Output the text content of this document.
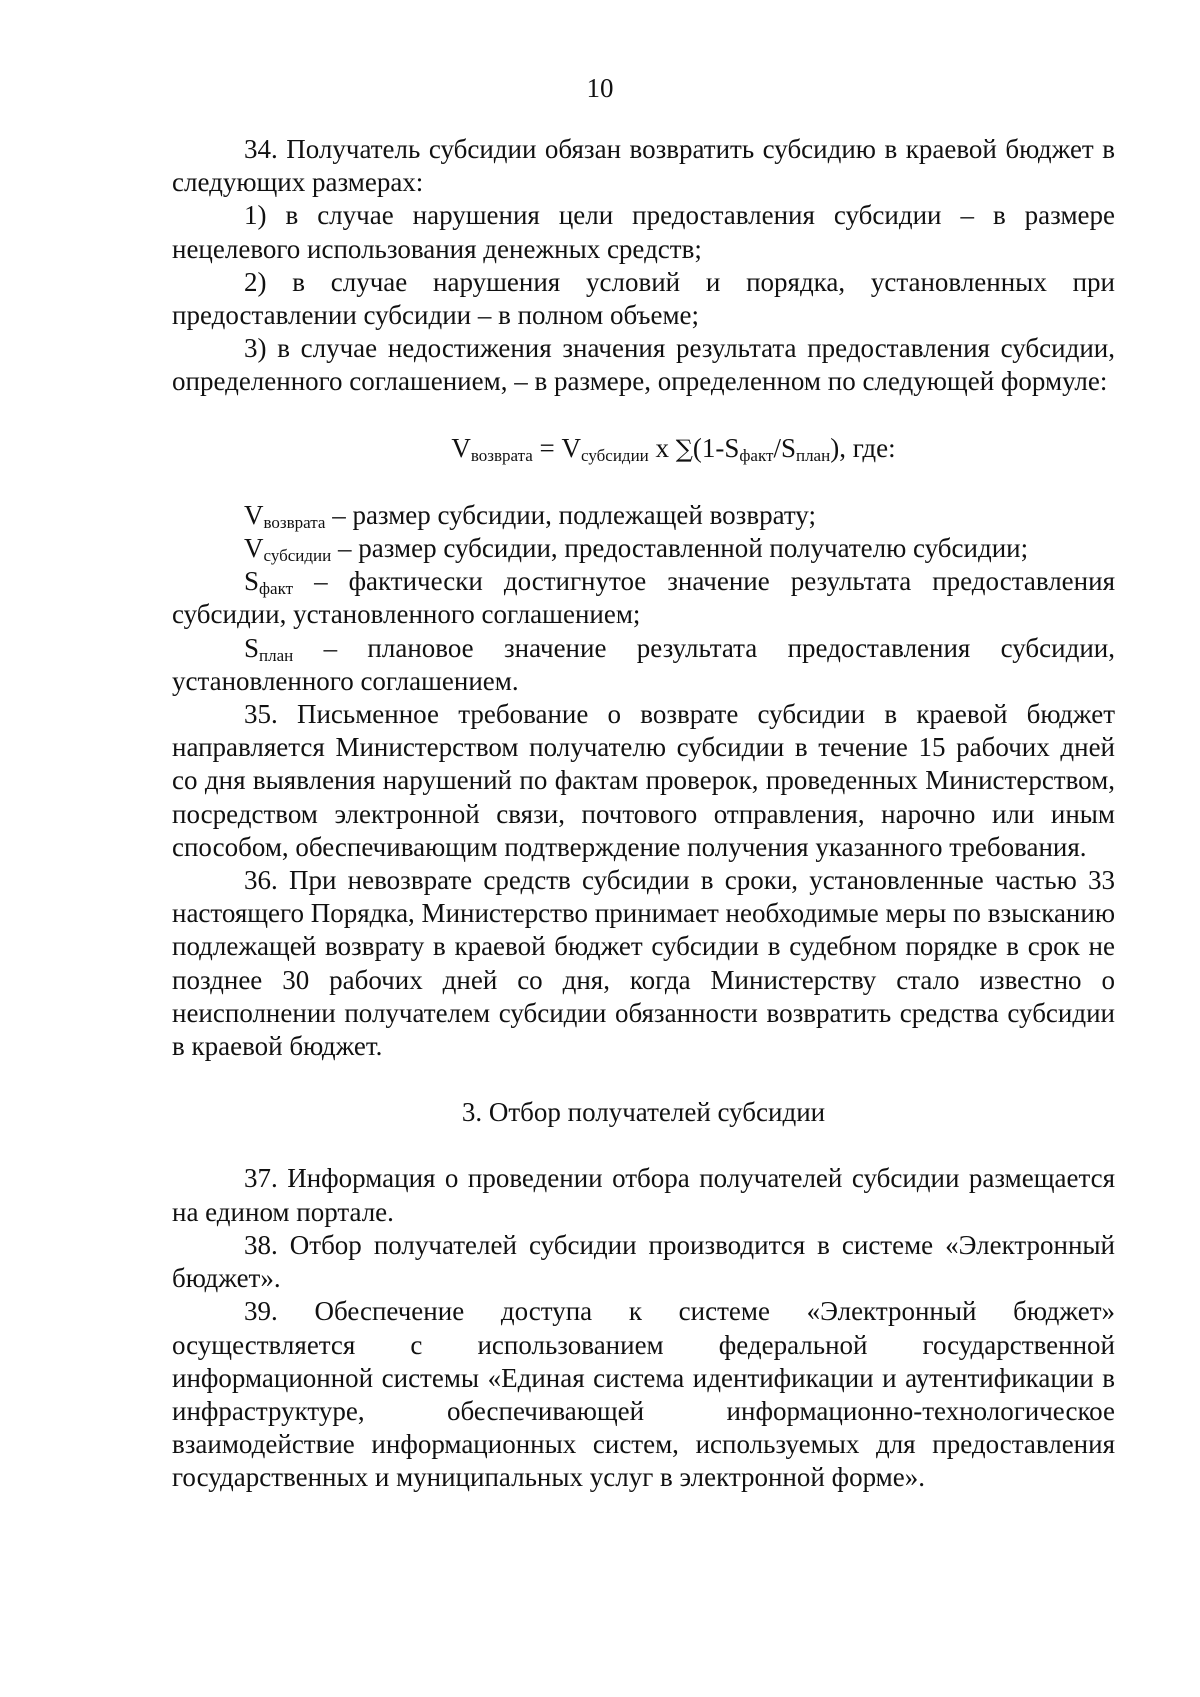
10

34. Получатель субсидии обязан возвратить субсидию в краевой бюджет в следующих размерах:

1) в случае нарушения цели предоставления субсидии – в размере нецелевого использования денежных средств;

2) в случае нарушения условий и порядка, установленных при предоставлении субсидии – в полном объеме;

3) в случае недостижения значения результата предоставления субсидии, определенного соглашением, – в размере, определенном по следующей формуле:

$V_{возврата} = V_{субсидии}$ x $\sum(1-S_{факт}/S_{план})$, где:

$V_{возврата}$ – размер субсидии, подлежащей возврату;

$V_{субсидии}$ – размер субсидии, предоставленной получателю субсидии;

$S_{факт}$ – фактически достигнутое значение результата предоставления субсидии, установленного соглашением;

$S_{план}$ – плановое значение результата предоставления субсидии, установленного соглашением.

35. Письменное требование о возврате субсидии в краевой бюджет направляется Министерством получателю субсидии в течение 15 рабочих дней со дня выявления нарушений по фактам проверок, проведенных Министерством, посредством электронной связи, почтового отправления, нарочно или иным способом, обеспечивающим подтверждение получения указанного требования.

36. При невозврате средств субсидии в сроки, установленные частью 33 настоящего Порядка, Министерство принимает необходимые меры по взысканию подлежащей возврату в краевой бюджет субсидии в судебном порядке в срок не позднее 30 рабочих дней со дня, когда Министерству стало известно о неисполнении получателем субсидии обязанности возвратить средства субсидии в краевой бюджет.

3. Отбор получателей субсидии

37. Информация о проведении отбора получателей субсидии размещается на едином портале.

38. Отбор получателей субсидии производится в системе «Электронный бюджет».

39. Обеспечение доступа к системе «Электронный бюджет» осуществляется с использованием федеральной государственной информационной системы «Единая система идентификации и аутентификации в инфраструктуре, обеспечивающей информационно-технологическое взаимодействие информационных систем, используемых для предоставления государственных и муниципальных услуг в электронной форме».
